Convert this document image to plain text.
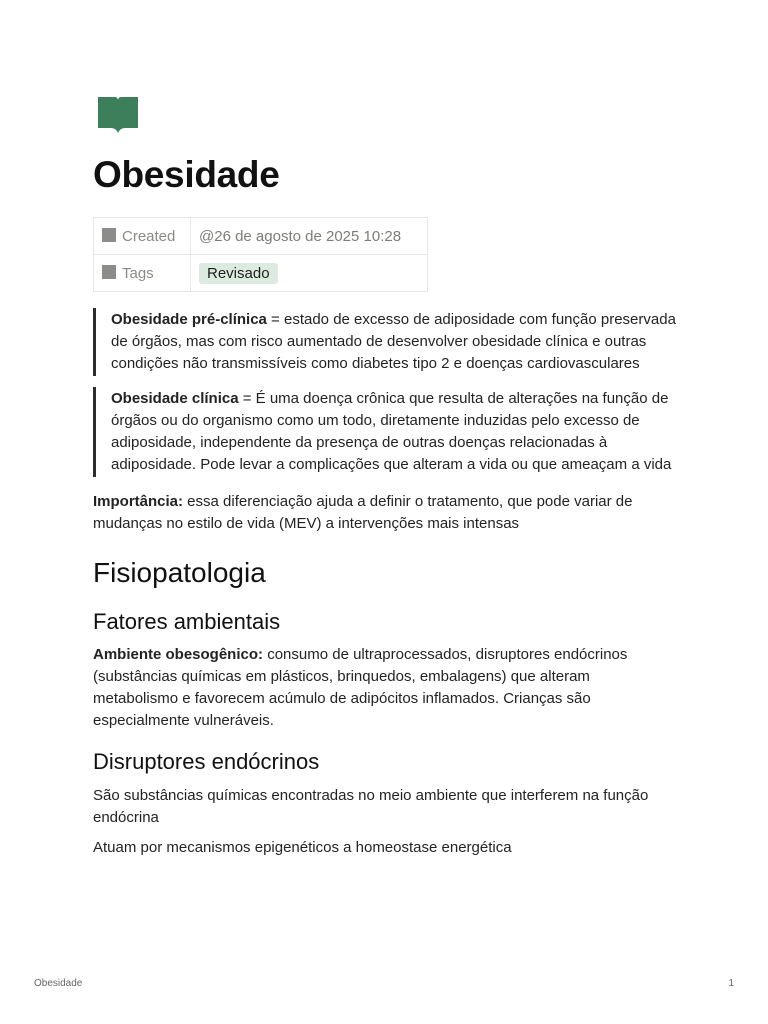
Obesidade
Created	@26 de agosto de 2025 10:28
Tags	Revisado
Obesidade pré-clínica = estado de excesso de adiposidade com função preservada de órgãos, mas com risco aumentado de desenvolver obesidade clínica e outras condições não transmissíveis como diabetes tipo 2 e doenças cardiovasculares
Obesidade clínica = É uma doença crônica que resulta de alterações na função de órgãos ou do organismo como um todo, diretamente induzidas pelo excesso de adiposidade, independente da presença de outras doenças relacionadas à adiposidade. Pode levar a complicações que alteram a vida ou que ameaçam a vida

Importância: essa diferenciação ajuda a definir o tratamento, que pode variar de mudanças no estilo de vida (MEV) a intervenções mais intensas

Fisiopatologia
Fatores ambientais

Ambiente obesogênico: consumo de ultraprocessados, disruptores endócrinos (substâncias químicas em plásticos, brinquedos, embalagens) que alteram metabolismo e favorecem acúmulo de adipócitos inflamados. Crianças são especialmente vulneráveis.

Disruptores endócrinos

São substâncias químicas encontradas no meio ambiente que interferem na função endócrina

Atuam por mecanismos epigenéticos a homeostase energética

Obesidade	1
